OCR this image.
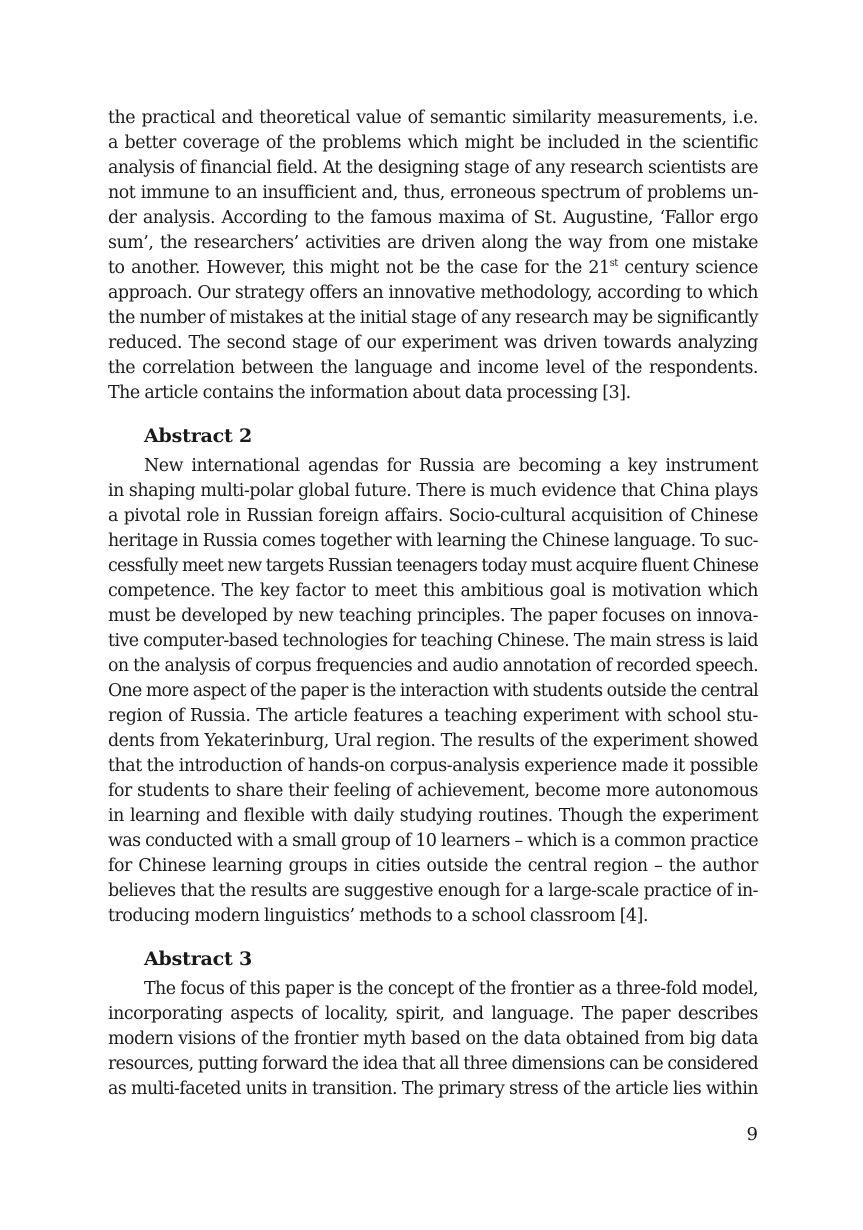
the practical and theoretical value of semantic similarity measurements, i.e.
a better coverage of the problems which might be included in the scientific
analysis of financial field. At the designing stage of any research scientists are
not immune to an insufficient and, thus, erroneous spectrum of problems un-
der analysis. According to the famous maxima of St. Augustine, ‘Fallor ergo
sum’, the researchers’ activities are driven along the way from one mistake
to another. However, this might not be the case for the 21st century science
approach. Our strategy offers an innovative methodology, according to which
the number of mistakes at the initial stage of any research may be significantly
reduced. The second stage of our experiment was driven towards analyzing
the correlation between the language and income level of the respondents.
The article contains the information about data processing [3].
Abstract 2
New international agendas for Russia are becoming a key instrument
in shaping multi-polar global future. There is much evidence that China plays
a pivotal role in Russian foreign affairs. Socio-cultural acquisition of Chinese
heritage in Russia comes together with learning the Chinese language. To suc-
cessfully meet new targets Russian teenagers today must acquire fluent Chinese
competence. The key factor to meet this ambitious goal is motivation which
must be developed by new teaching principles. The paper focuses on innova-
tive computer-based technologies for teaching Chinese. The main stress is laid
on the analysis of corpus frequencies and audio annotation of recorded speech.
One more aspect of the paper is the interaction with students outside the central
region of Russia. The article features a teaching experiment with school stu-
dents from Yekaterinburg, Ural region. The results of the experiment showed
that the introduction of hands-on corpus-analysis experience made it possible
for students to share their feeling of achievement, become more autonomous
in learning and flexible with daily studying routines. Though the experiment
was conducted with a small group of 10 learners – which is a common practice
for Chinese learning groups in cities outside the central region – the author
believes that the results are suggestive enough for a large-scale practice of in-
troducing modern linguistics’ methods to a school classroom [4].
Abstract 3
The focus of this paper is the concept of the frontier as a three-fold model,
incorporating aspects of locality, spirit, and language. The paper describes
modern visions of the frontier myth based on the data obtained from big data
resources, putting forward the idea that all three dimensions can be considered
as multi-faceted units in transition. The primary stress of the article lies within
9
